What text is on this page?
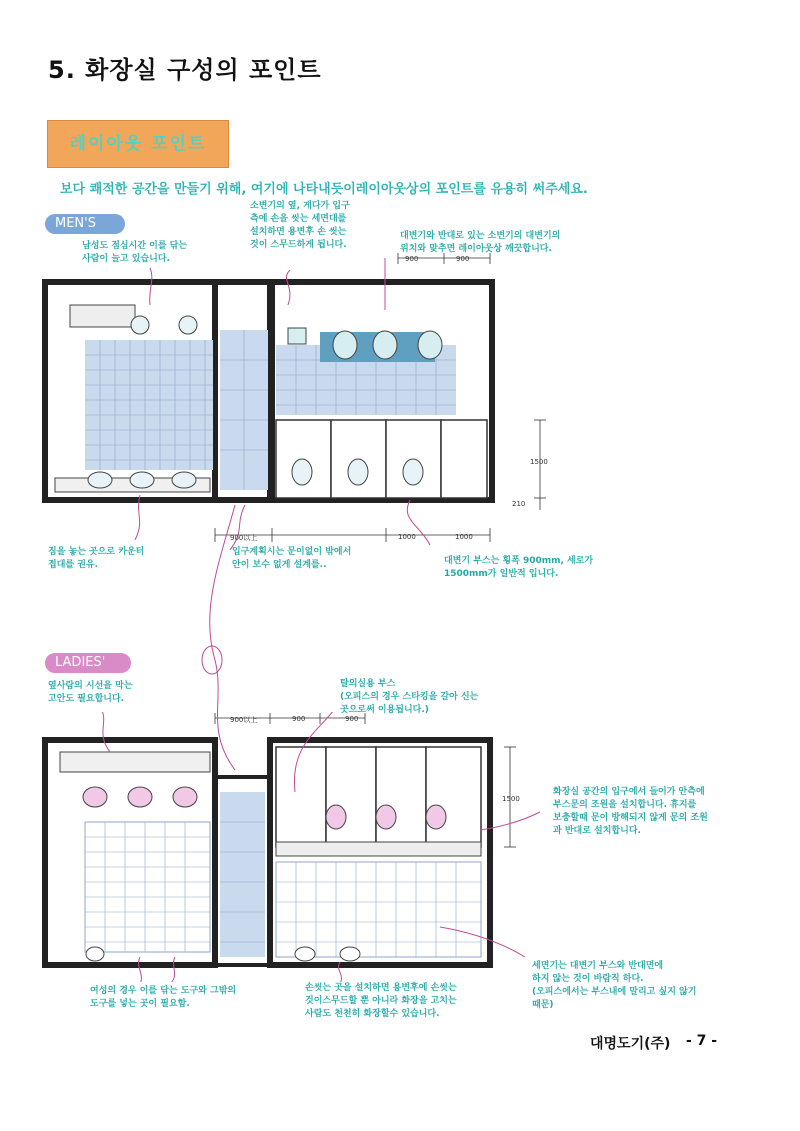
5. 화장실 구성의 포인트
레이아웃 포인트
보다 쾌적한 공간을 만들기 위해, 여기에 나타내듯이레이아웃상의 포인트를 유용히 써주세요.
MEN'S
남성도 점심시간 이를 닦는
사람이 늘고 있습니다.
소변기의 옆, 게다가 입구
측에 손을 씻는 세면대를
설치하면 용변후 손 씻는
것이 스무드하게 됩니다.
대변기와 반대로 있는 소변기의 대변기의
위치와 맞추면 레이아웃상 깨끗합니다.
900	900
1500
210
900以上	1000	1000
짐을 놓는 곳으로 카운터
접대를 권유.
입구계획시는 문이없이 밖에서
안이 보수 없게 설계를..	대변기 부스는 횡폭 900mm, 세로가
1500mm가 일반적 입니다.
LADIES'
옆사람의 시선을 막는
고안도 필요합니다.
탈의실용 부스
(오피스의 경우 스타킹을 갈아 신는
곳으로써 이용됩니다.)
900以上	900	900
1500
화장실 공간의 입구에서 들어가 안측에
부스문의 조원을 설치합니다. 휴지를
보충할때 문이 방해되지 않게 문의 조원
과 반대로 설치합니다.
여성의 경우 이를 닦는 도구와 그밖의
도구를 넣는 곳이 필요함.
손씻는 곳을 설치하면 용변후에 손씻는
것이스무드할 뿐 아니라 화장을 고치는
사람도 천천히 화장할수 있습니다.
세면기는 대변기 부스와 반대면에
하지 않는 것이 바람직 하다.
(오피스에서는 부스내에 말리고 싶지 않기
때문)
대명도기(주) - 7 -
